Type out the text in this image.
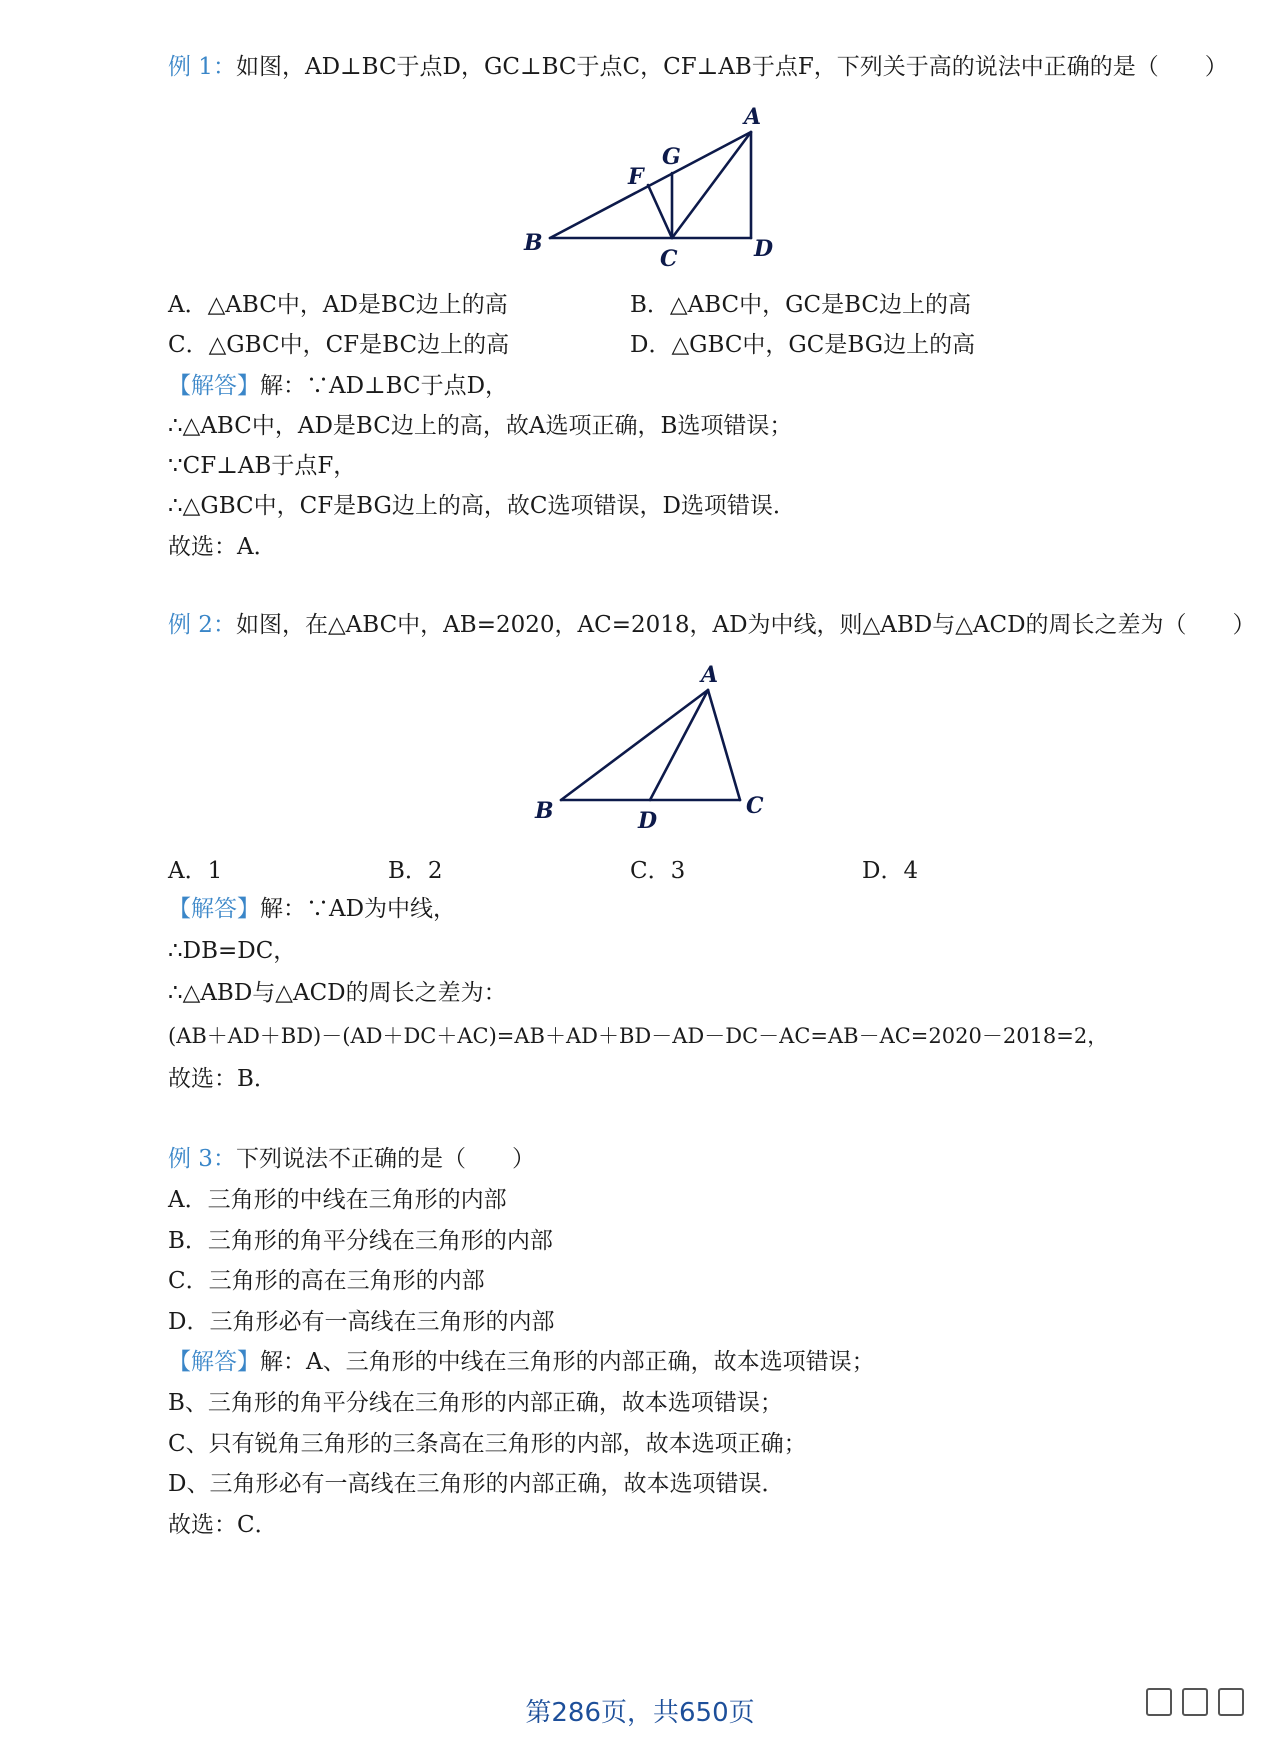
例 1：如图，AD⊥BC于点D，GC⊥BC于点C，CF⊥AB于点F，下列关于高的说法中正确的是（　　）
A
G
F
B
C	D
A．△ABC中，AD是BC边上的高	B．△ABC中，GC是BC边上的高
C．△GBC中，CF是BC边上的高	D．△GBC中，GC是BG边上的高
【解答】解：∵AD⊥BC于点D，
∴△ABC中，AD是BC边上的高，故A选项正确，B选项错误；
∵CF⊥AB于点F，
∴△GBC中，CF是BG边上的高，故C选项错误，D选项错误．
故选：A．
例 2：如图，在△ABC中，AB=2020，AC=2018，AD为中线，则△ABD与△ACD的周长之差为（　　）
A
B	D
C
A．1	B．2	C．3	D．4
【解答】解：∵AD为中线，
∴DB=DC，
∴△ABD与△ACD的周长之差为：
(AB＋AD＋BD)－(AD＋DC＋AC)=AB＋AD＋BD－AD－DC－AC=AB－AC=2020－2018=2，
故选：B．
例 3：下列说法不正确的是（　　）
A．三角形的中线在三角形的内部
B．三角形的角平分线在三角形的内部
C．三角形的高在三角形的内部
D．三角形必有一高线在三角形的内部
【解答】解：A、三角形的中线在三角形的内部正确，故本选项错误；
B、三角形的角平分线在三角形的内部正确，故本选项错误；
C、只有锐角三角形的三条高在三角形的内部，故本选项正确；
D、三角形必有一高线在三角形的内部正确，故本选项错误．
故选：C．
第286页，共650页
